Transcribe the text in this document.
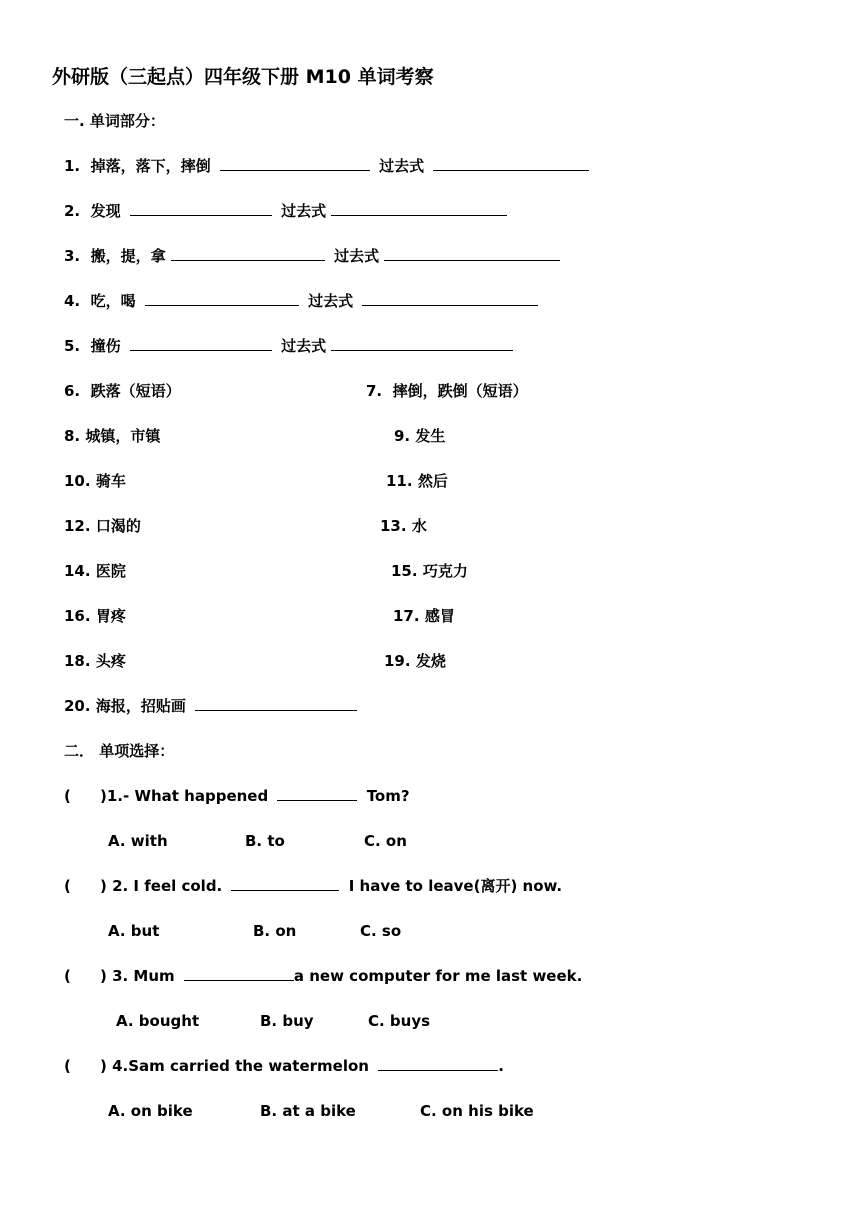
外研版（三起点）四年级下册 M10 单词考察
一. 单词部分：
1. 掉落，落下，摔倒	过去式
2. 发现	过去式
3. 搬，提，拿	过去式
4. 吃，喝	过去式
5. 撞伤	过去式
6. 跌落（短语）	7. 摔倒，跌倒（短语）
8. 城镇，市镇	9. 发生
10. 骑车	11. 然后
12. 口渴的	13. 水
14. 医院	15. 巧克力
16. 胃疼	17. 感冒
18. 头疼	19. 发烧
20. 海报，招贴画
二． 单项选择：
( )1.- What happened	Tom?
A. with	B. to	C. on
( ) 2. I feel cold.	I have to leave(离开) now.
A. but	B. on	C. so
( ) 3. Mum	a new computer for me last week.
A. bought	B. buy	C. buys
( ) 4.Sam carried the watermelon	.
A. on bike	B. at a bike	C. on his bike
